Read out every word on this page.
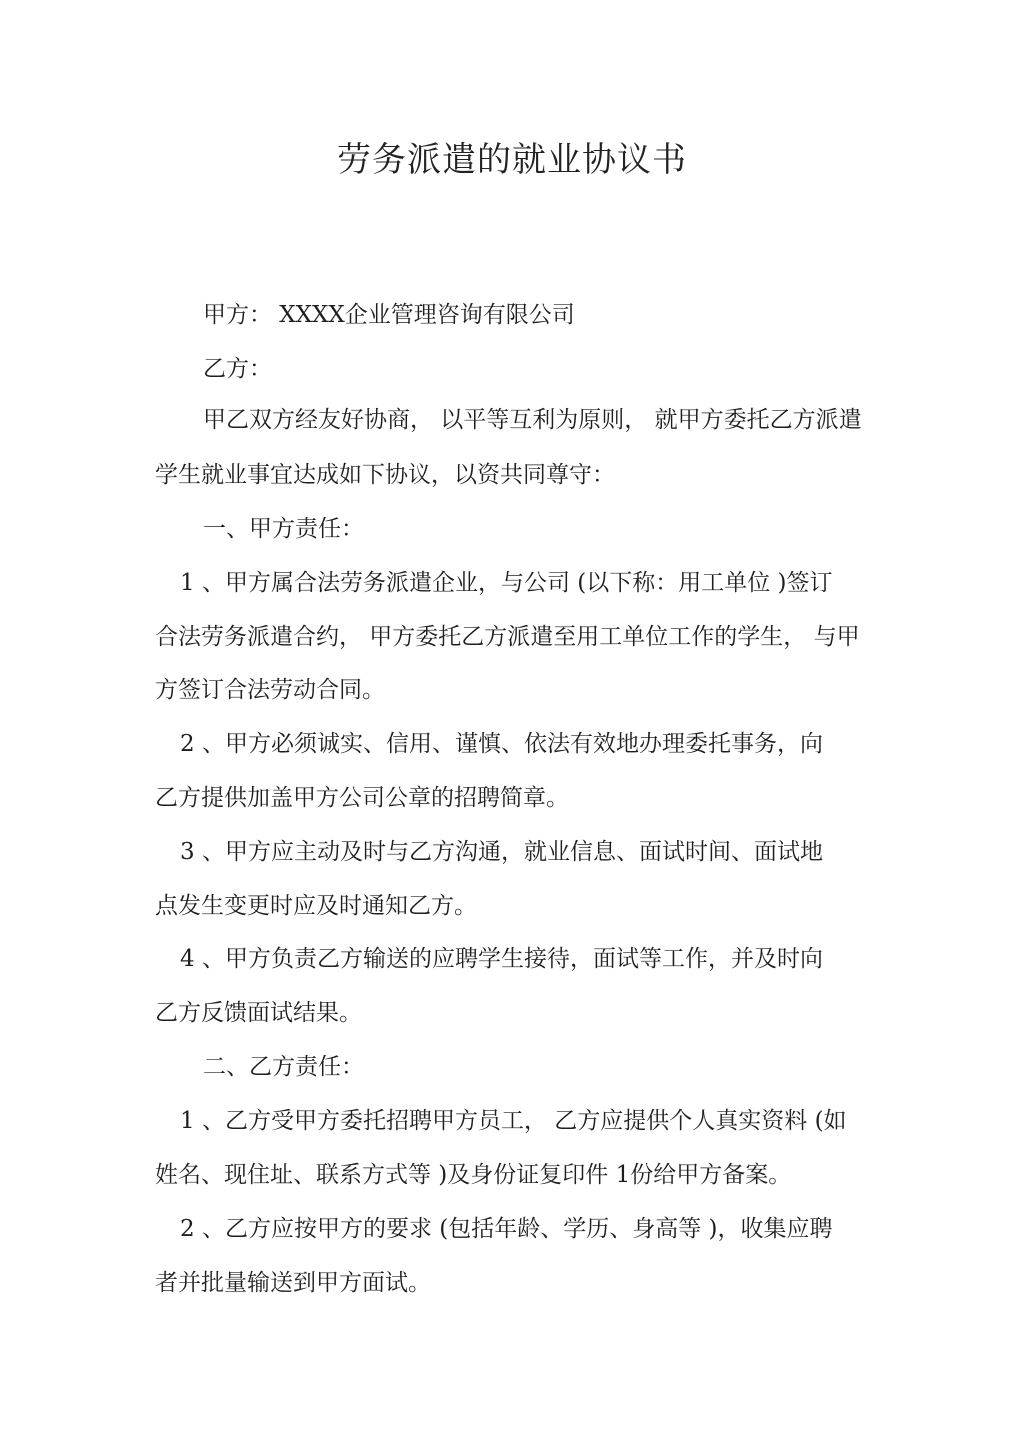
劳务派遣的就业协议书
甲方： XXXX企业管理咨询有限公司
乙方：
甲乙双方经友好协商， 以平等互利为原则， 就甲方委托乙方派遣
学生就业事宜达成如下协议，以资共同尊守：
一、甲方责任：
1 、甲方属合法劳务派遣企业，与公司 (以下称：用工单位 )签订
合法劳务派遣合约， 甲方委托乙方派遣至用工单位工作的学生， 与甲
方签订合法劳动合同。
2 、甲方必须诚实、信用、谨慎、依法有效地办理委托事务，向
乙方提供加盖甲方公司公章的招聘简章。
3 、甲方应主动及时与乙方沟通，就业信息、面试时间、面试地
点发生变更时应及时通知乙方。
4 、甲方负责乙方输送的应聘学生接待，面试等工作，并及时向
乙方反馈面试结果。
二、乙方责任：
1 、乙方受甲方委托招聘甲方员工， 乙方应提供个人真实资料 (如
姓名、现住址、联系方式等 )及身份证复印件 1份给甲方备案。
2 、乙方应按甲方的要求 (包括年龄、学历、身高等 )，收集应聘
者并批量输送到甲方面试。
